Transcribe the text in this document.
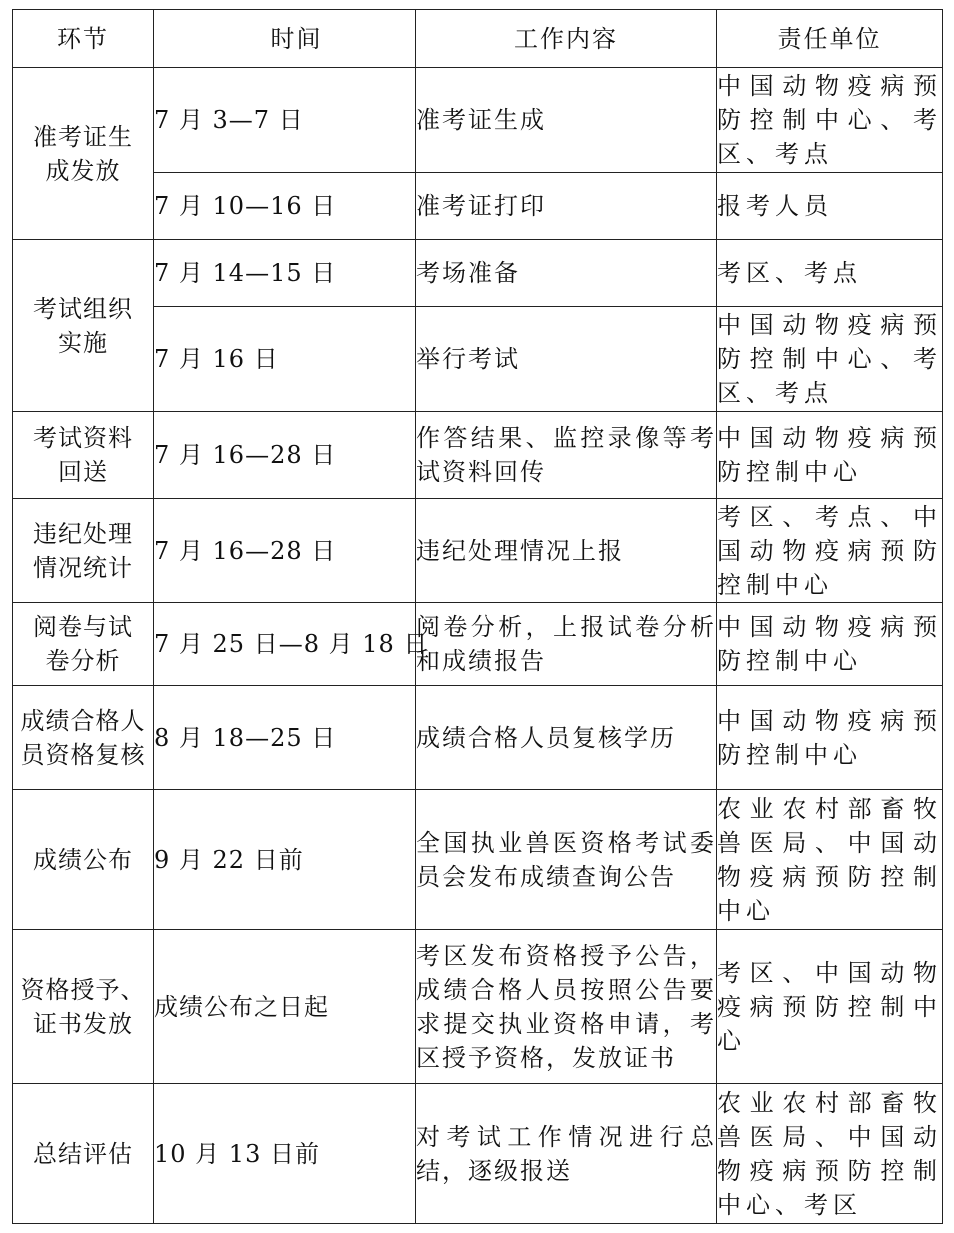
环节	时间	工作内容	责任单位

准考证生成发放	7 月 3—7 日	准考证生成	中国动物疫病预防控制中心、考区、考点
	7 月 10—16 日	准考证打印	报考人员

考试组织实施	7 月 14—15 日	考场准备	考区、考点
	7 月 16 日	举行考试	中国动物疫病预防控制中心、考区、考点

考试资料回送	7 月 16—28 日	作答结果、监控录像等考试资料回传	中国动物疫病预防控制中心

违纪处理情况统计	7 月 16—28 日	违纪处理情况上报	考区、考点、中国动物疫病预防控制中心

阅卷与试卷分析	7 月 25 日—8 月 18 日	阅卷分析，上报试卷分析和成绩报告	中国动物疫病预防控制中心

成绩合格人员资格复核	8 月 18—25 日	成绩合格人员复核学历	中国动物疫病预防控制中心

成绩公布	9 月 22 日前	全国执业兽医资格考试委员会发布成绩查询公告	农业农村部畜牧兽医局、中国动物疫病预防控制中心

资格授予、证书发放	成绩公布之日起	考区发布资格授予公告，成绩合格人员按照公告要求提交执业资格申请，考区授予资格，发放证书	考区、中国动物疫病预防控制中心

总结评估	10 月 13 日前	对考试工作情况进行总结，逐级报送	农业农村部畜牧兽医局、中国动物疫病预防控制中心、考区
